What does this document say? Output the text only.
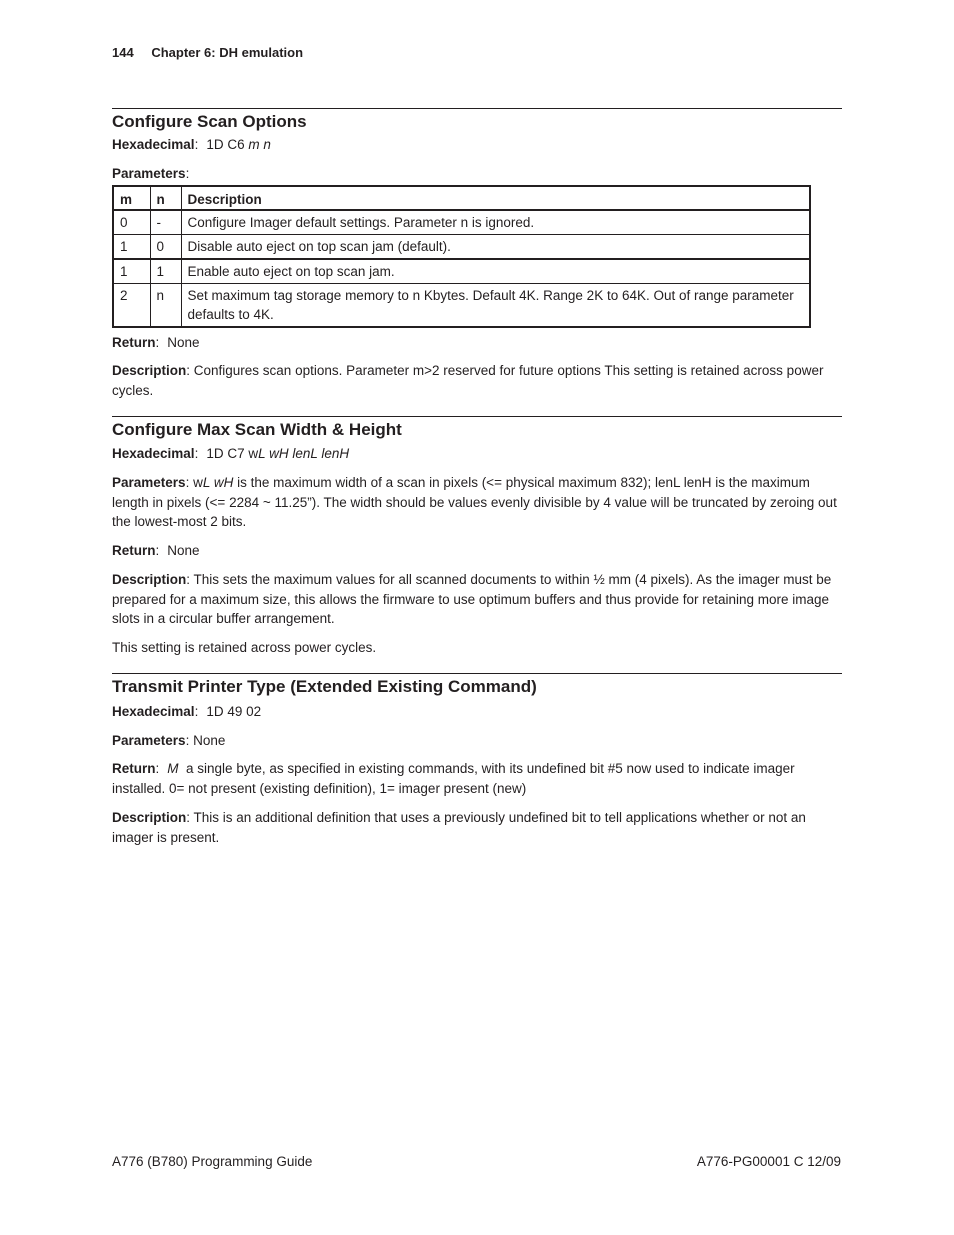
144 Chapter 6: DH emulation
Configure Scan Options

Hexadecimal: 1D C6 m n

Parameters:

m	n	Description
0	-	Configure Imager default settings. Parameter n is ignored.
1	0	Disable auto eject on top scan jam (default).
1	1	Enable auto eject on top scan jam.
2	n	Set maximum tag storage memory to n Kbytes. Default 4K. Range 2K to 64K. Out of range parameter defaults to 4K.

Return: None

Description: Configures scan options. Parameter m>2 reserved for future options This setting is retained across power cycles.

Configure Max Scan Width & Height

Hexadecimal: 1D C7 wL wH lenL lenH

Parameters: wL wH is the maximum width of a scan in pixels (<= physical maximum 832); lenL lenH is the maximum length in pixels (<= 2284 ~ 11.25”). The width should be values evenly divisible by 4 value will be truncated by zeroing out the lowest-most 2 bits.

Return: None

Description: This sets the maximum values for all scanned documents to within ½ mm (4 pixels). As the imager must be prepared for a maximum size, this allows the firmware to use optimum buffers and thus provide for retaining more image slots in a circular buffer arrangement.

This setting is retained across power cycles.

Transmit Printer Type (Extended Existing Command)

Hexadecimal: 1D 49 02

Parameters: None

Return: M a single byte, as specified in existing commands, with its undefined bit #5 now used to indicate imager installed. 0= not present (existing definition), 1= imager present (new)

Description: This is an additional definition that uses a previously undefined bit to tell applications whether or not an imager is present.

A776 (B780) Programming Guide	A776-PG00001 C 12/09
